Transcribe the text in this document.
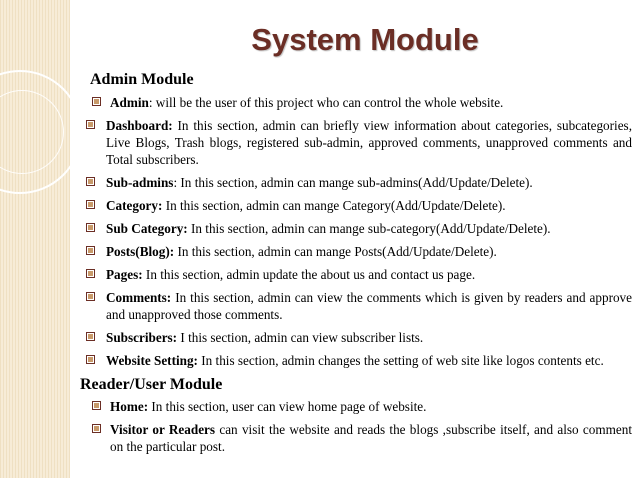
System Module
Admin Module
Admin: will be the user of this project who can control the whole website.
Dashboard: In this section, admin can briefly view information about categories, subcategories, Live Blogs, Trash blogs, registered sub-admin, approved comments, unapproved comments and Total subscribers.
Sub-admins: In this section, admin can mange sub-admins(Add/Update/Delete).
Category: In this section, admin can mange Category(Add/Update/Delete).
Sub Category: In this section, admin can mange sub-category(Add/Update/Delete).
Posts(Blog): In this section, admin can mange Posts(Add/Update/Delete).
Pages: In this section, admin update the about us and contact us page.
Comments: In this section, admin can view the comments which is given by readers and approve and unapproved those comments.
Subscribers: I this section, admin can view subscriber lists.
Website Setting: In this section, admin changes the setting of web site like logos contents etc.
Reader/User Module
Home: In this section, user can view home page of website.
Visitor or Readers can visit the website and reads the blogs ,subscribe itself, and also comment on the particular post.
